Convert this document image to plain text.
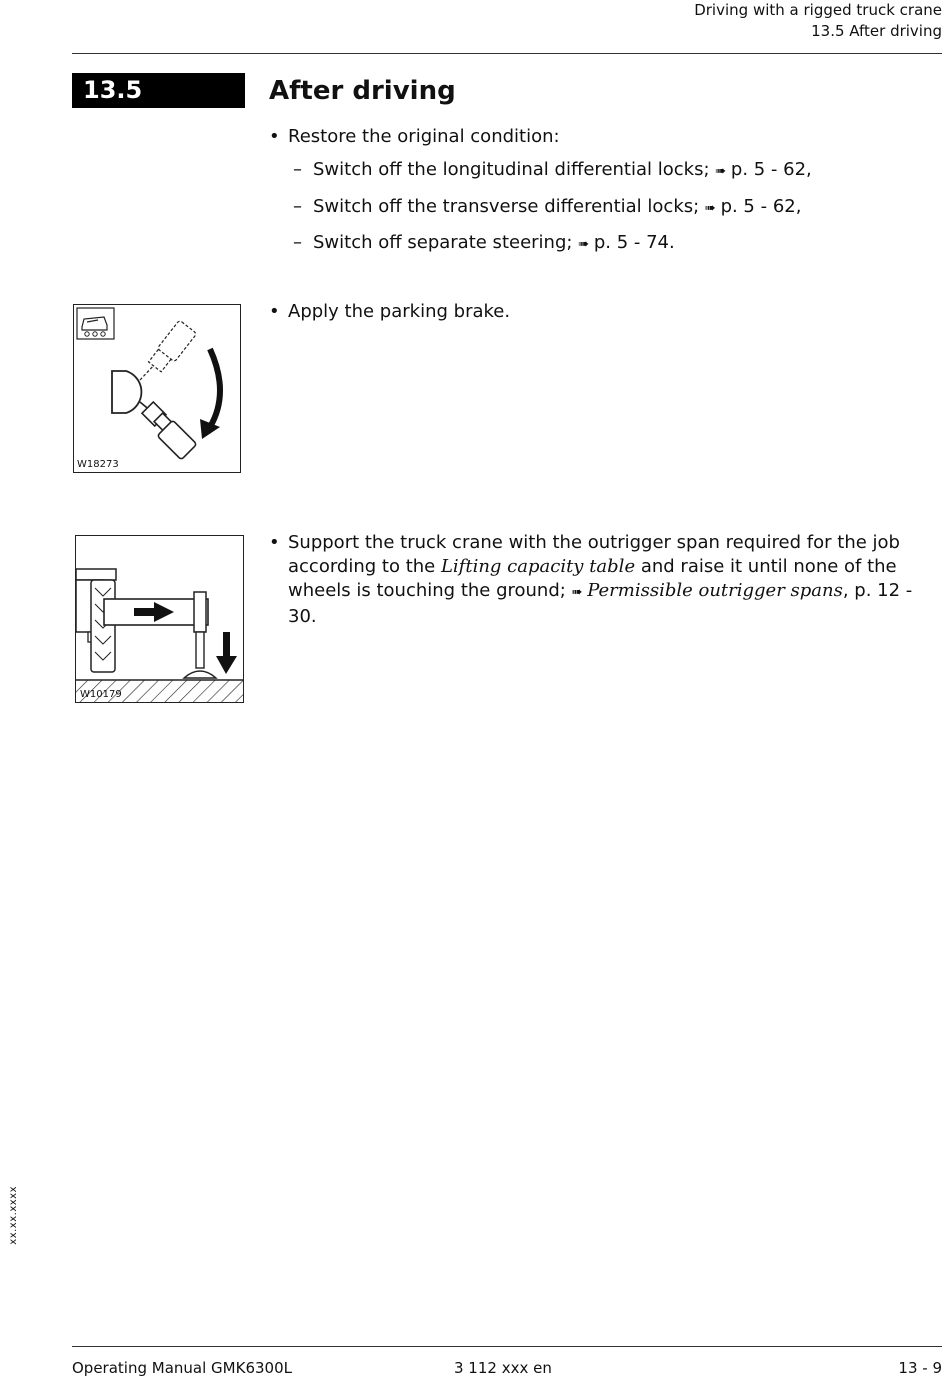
Driving with a rigged truck crane
13.5 After driving
13.5	After driving
• Restore the original condition:
– Switch off the longitudinal differential locks; ➠ p. 5 - 62,
– Switch off the transverse differential locks; ➠ p. 5 - 62,
– Switch off separate steering; ➠ p. 5 - 74.
W18273
• Apply the parking brake.
W10179
• Support the truck crane with the outrigger span required for the job according to the Lifting capacity table and raise it until none of the wheels is touching the ground; ➠ Permissible outrigger spans, p. 12 - 30.
xx.xx.xxxx
Operating Manual GMK6300L	3 112 xxx en	13 - 9
